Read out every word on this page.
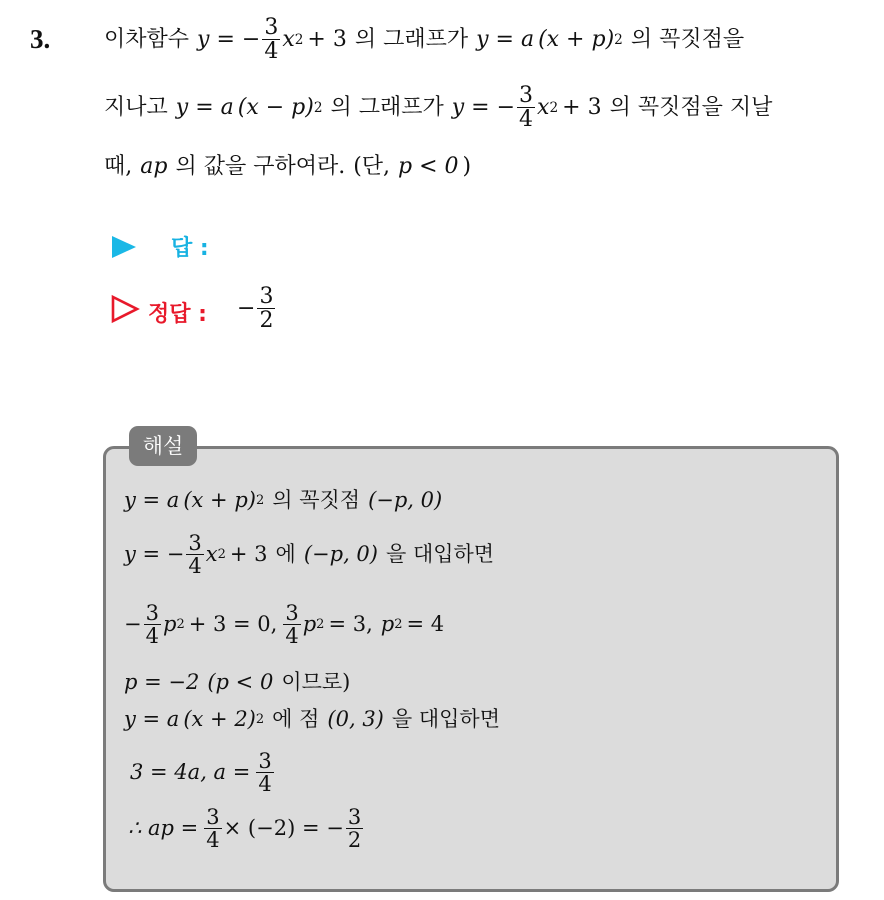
3. 이차함수 y = − $\frac{3}{4}$ x 2 + 3 의 그래프가 y = a (x + p) 2 의 꼭짓점을
지나고 y = a (x − p) 2 의 그래프가 y = − $\frac{3}{4}$ x 2 + 3 의 꼭짓점을 지날
때, ap 의 값을 구하여라. (단, p < 0 )
답 :
정답 : − $\frac{3}{2}$
해설
y = a (x + p) 2 의 꼭짓점 (−p, 0)
y = − $\frac{3}{4}$ x 2 + 3 에 (−p, 0) 을 대입하면
− $\frac{3}{4}$ p 2 + 3 = 0, $\frac{3}{4}$ p 2 = 3, p 2 = 4
p = −2 (p < 0 이므로)
y = a (x + 2) 2 에 점 (0, 3) 을 대입하면
3 = 4a, $a = \frac{3}{4}$
∴ ap = $\frac{3}{4} \times (-2)$ = − $\frac{3}{2}$
